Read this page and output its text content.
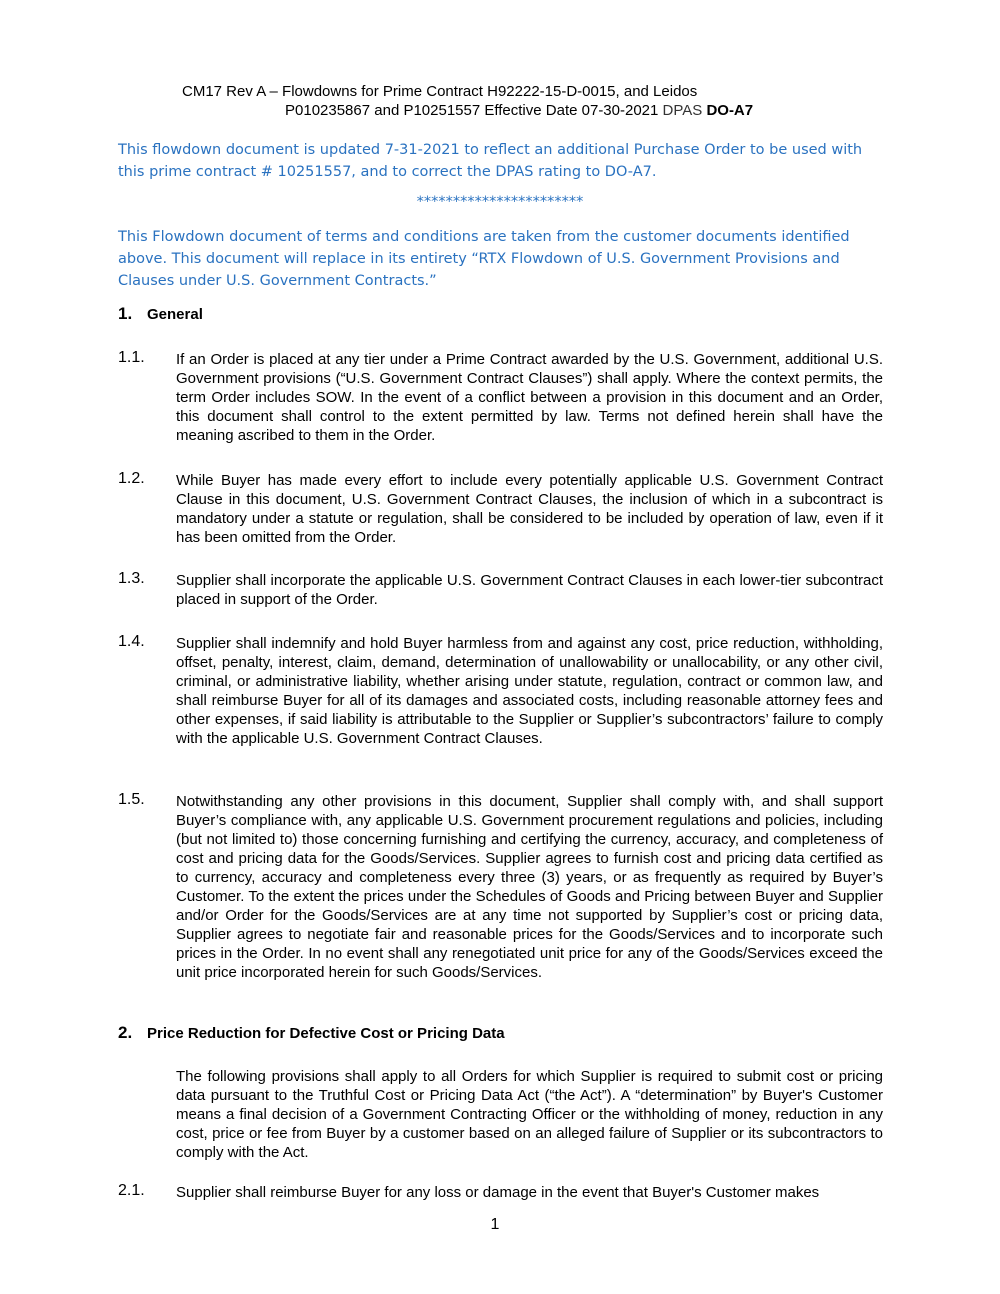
CM17 Rev A – Flowdowns for Prime Contract H92222-15-D-0015, and Leidos
P010235867 and P10251557 Effective Date 07-30-2021 DPAS DO-A7
This flowdown document is updated 7-31-2021 to reflect an additional Purchase Order to be used with this prime contract # 10251557, and to correct the DPAS rating to DO-A7.
***********************
This Flowdown document of terms and conditions are taken from the customer documents identified above. This document will replace in its entirety “RTX Flowdown of U.S. Government Provisions and Clauses under U.S. Government Contracts.”
1. General
1.1. If an Order is placed at any tier under a Prime Contract awarded by the U.S. Government, additional U.S. Government provisions (“U.S. Government Contract Clauses”) shall apply. Where the context permits, the term Order includes SOW. In the event of a conflict between a provision in this document and an Order, this document shall control to the extent permitted by law. Terms not defined herein shall have the meaning ascribed to them in the Order.
1.2. While Buyer has made every effort to include every potentially applicable U.S. Government Contract Clause in this document, U.S. Government Contract Clauses, the inclusion of which in a subcontract is mandatory under a statute or regulation, shall be considered to be included by operation of law, even if it has been omitted from the Order.
1.3. Supplier shall incorporate the applicable U.S. Government Contract Clauses in each lower-tier subcontract placed in support of the Order.
1.4. Supplier shall indemnify and hold Buyer harmless from and against any cost, price reduction, withholding, offset, penalty, interest, claim, demand, determination of unallowability or unallocability, or any other civil, criminal, or administrative liability, whether arising under statute, regulation, contract or common law, and shall reimburse Buyer for all of its damages and associated costs, including reasonable attorney fees and other expenses, if said liability is attributable to the Supplier or Supplier’s subcontractors’ failure to comply with the applicable U.S. Government Contract Clauses.
1.5. Notwithstanding any other provisions in this document, Supplier shall comply with, and shall support Buyer’s compliance with, any applicable U.S. Government procurement regulations and policies, including (but not limited to) those concerning furnishing and certifying the currency, accuracy, and completeness of cost and pricing data for the Goods/Services. Supplier agrees to furnish cost and pricing data certified as to currency, accuracy and completeness every three (3) years, or as frequently as required by Buyer’s Customer. To the extent the prices under the Schedules of Goods and Pricing between Buyer and Supplier and/or Order for the Goods/Services are at any time not supported by Supplier’s cost or pricing data, Supplier agrees to negotiate fair and reasonable prices for the Goods/Services and to incorporate such prices in the Order. In no event shall any renegotiated unit price for any of the Goods/Services exceed the unit price incorporated herein for such Goods/Services.
2. Price Reduction for Defective Cost or Pricing Data
The following provisions shall apply to all Orders for which Supplier is required to submit cost or pricing data pursuant to the Truthful Cost or Pricing Data Act (“the Act”). A “determination” by Buyer's Customer means a final decision of a Government Contracting Officer or the withholding of money, reduction in any cost, price or fee from Buyer by a customer based on an alleged failure of Supplier or its subcontractors to comply with the Act.
2.1. Supplier shall reimburse Buyer for any loss or damage in the event that Buyer's Customer makes
1
